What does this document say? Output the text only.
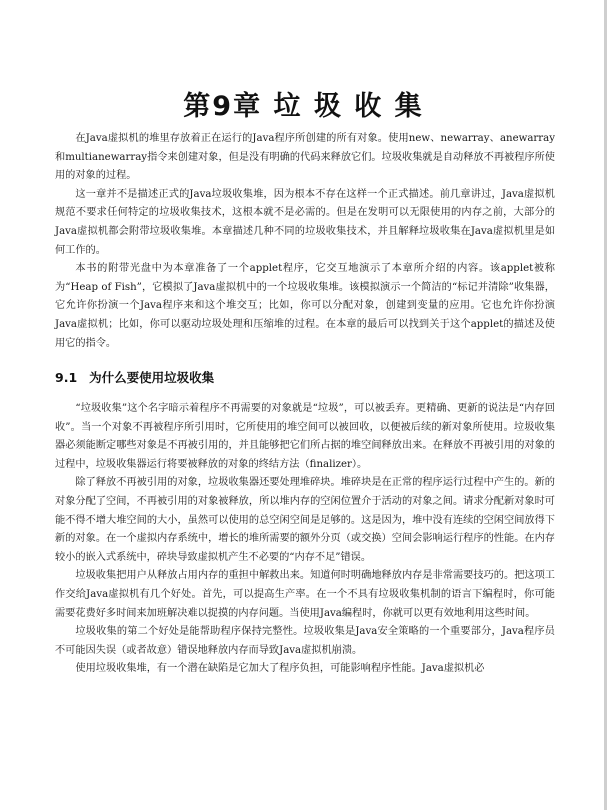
第9章 垃 圾 收 集

在Java虚拟机的堆里存放着正在运行的Java程序所创建的所有对象。使用new、newarray、anewarray和multianewarray指令来创建对象，但是没有明确的代码来释放它们。垃圾收集就是自动释放不再被程序所使用的对象的过程。

这一章并不是描述正式的Java垃圾收集堆，因为根本不存在这样一个正式描述。前几章讲过，Java虚拟机规范不要求任何特定的垃圾收集技术，这根本就不是必需的。但是在发明可以无限使用的内存之前，大部分的Java虚拟机都会附带垃圾收集堆。本章描述几种不同的垃圾收集技术，并且解释垃圾收集在Java虚拟机里是如何工作的。

本书的附带光盘中为本章准备了一个applet程序，它交互地演示了本章所介绍的内容。该applet被称为“Heap of Fish”，它模拟了Java虚拟机中的一个垃圾收集堆。该模拟演示一个简洁的“标记并清除”收集器，它允许你扮演一个Java程序来和这个堆交互；比如，你可以分配对象，创建到变量的应用。它也允许你扮演Java虚拟机；比如，你可以驱动垃圾处理和压缩堆的过程。在本章的最后可以找到关于这个applet的描述及使用它的指令。

9.1 为什么要使用垃圾收集

“垃圾收集”这个名字暗示着程序不再需要的对象就是“垃圾”，可以被丢弃。更精确、更新的说法是“内存回收”。当一个对象不再被程序所引用时，它所使用的堆空间可以被回收，以便被后续的新对象所使用。垃圾收集器必须能断定哪些对象是不再被引用的，并且能够把它们所占据的堆空间释放出来。在释放不再被引用的对象的过程中，垃圾收集器运行将要被释放的对象的终结方法（finalizer）。

除了释放不再被引用的对象，垃圾收集器还要处理堆碎块。堆碎块是在正常的程序运行过程中产生的。新的对象分配了空间，不再被引用的对象被释放，所以堆内存的空闲位置介于活动的对象之间。请求分配新对象时可能不得不增大堆空间的大小，虽然可以使用的总空闲空间是足够的。这是因为，堆中没有连续的空闲空间放得下新的对象。在一个虚拟内存系统中，增长的堆所需要的额外分页（或交换）空间会影响运行程序的性能。在内存较小的嵌入式系统中，碎块导致虚拟机产生不必要的“内存不足”错误。

垃圾收集把用户从释放占用内存的重担中解救出来。知道何时明确地释放内存是非常需要技巧的。把这项工作交给Java虚拟机有几个好处。首先，可以提高生产率。在一个不具有垃圾收集机制的语言下编程时，你可能需要花费好多时间来加班解决难以捉摸的内存问题。当使用Java编程时，你就可以更有效地利用这些时间。

垃圾收集的第二个好处是能帮助程序保持完整性。垃圾收集是Java安全策略的一个重要部分，Java程序员不可能因失误（或者故意）错误地释放内存而导致Java虚拟机崩溃。

使用垃圾收集堆，有一个潜在缺陷是它加大了程序负担，可能影响程序性能。Java虚拟机必
